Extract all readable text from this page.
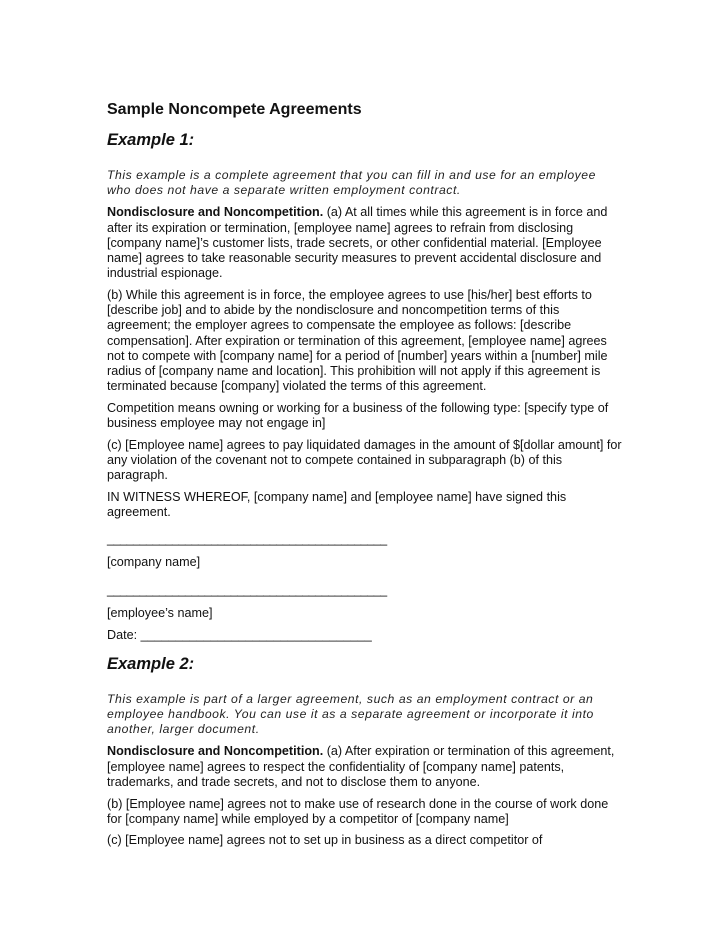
Sample Noncompete Agreements
Example 1:

This example is a complete agreement that you can fill in and use for an employee who does not have a separate written employment contract.

Nondisclosure and Noncompetition. (a) At all times while this agreement is in force and after its expiration or termination, [employee name] agrees to refrain from disclosing [company name]’s customer lists, trade secrets, or other confidential material. [Employee name] agrees to take reasonable security measures to prevent accidental disclosure and industrial espionage.

(b) While this agreement is in force, the employee agrees to use [his/her] best efforts to [describe job] and to abide by the nondisclosure and noncompetition terms of this agreement; the employer agrees to compensate the employee as follows: [describe compensation]. After expiration or termination of this agreement, [employee name] agrees not to compete with [company name] for a period of [number] years within a [number] mile radius of [company name and location]. This prohibition will not apply if this agreement is terminated because [company] violated the terms of this agreement.

Competition means owning or working for a business of the following type: [specify type of business employee may not engage in]

(c) [Employee name] agrees to pay liquidated damages in the amount of $[dollar amount] for any violation of the covenant not to compete contained in subparagraph (b) of this paragraph.

IN WITNESS WHEREOF, [company name] and [employee name] have signed this agreement.

___________________________________________
[company name]
___________________________________________
[employee’s name]
Date: _________________________________
Example 2:

This example is part of a larger agreement, such as an employment contract or an employee handbook. You can use it as a separate agreement or incorporate it into another, larger document.

Nondisclosure and Noncompetition. (a) After expiration or termination of this agreement, [employee name] agrees to respect the confidentiality of [company name] patents, trademarks, and trade secrets, and not to disclose them to anyone.

(b) [Employee name] agrees not to make use of research done in the course of work done for [company name] while employed by a competitor of [company name]

(c) [Employee name] agrees not to set up in business as a direct competitor of
